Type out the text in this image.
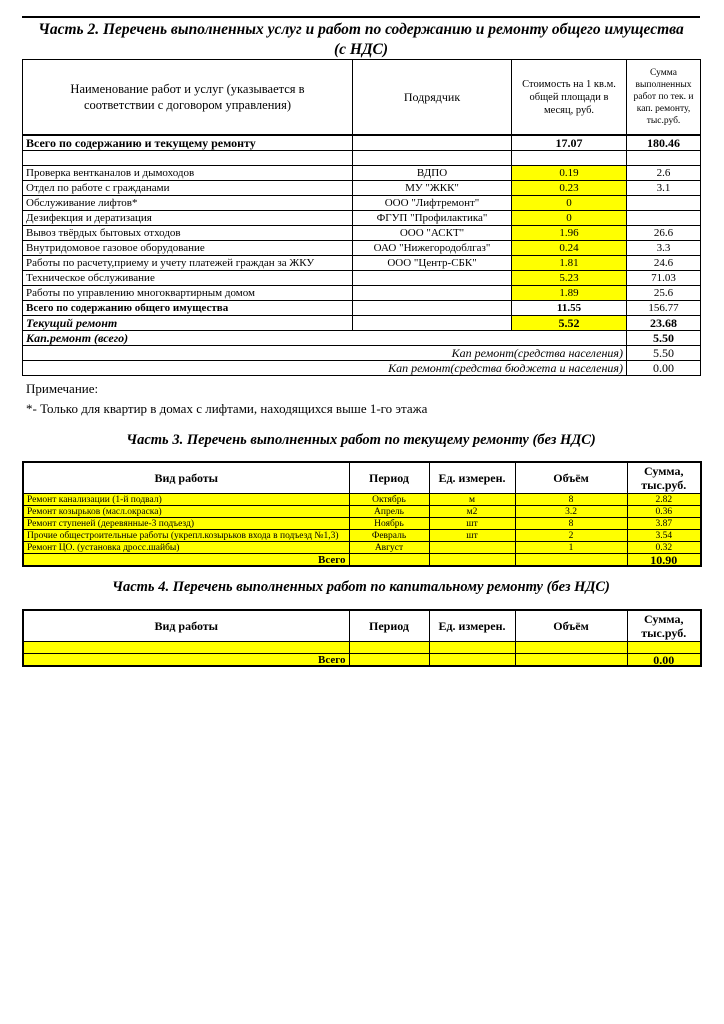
Часть 2. Перечень выполненных услуг и работ по содержанию и ремонту общего имущества
(с НДС)
Наименование работ и услуг (указывается в соответствии с договором управления)	Подрядчик	Стоимость на 1 кв.м. общей площади в месяц, руб.	Сумма выполненных работ по тек. и кап. ремонту, тыс.руб.
Всего по содержанию и текущему ремонту		17.07	180.46

Проверка вентканалов и дымоходов	ВДПО	0.19	2.6
Отдел по работе с гражданами	МУ "ЖКК"	0.23	3.1
Обслуживание лифтов*	ООО "Лифтремонт"	0	
Дезифекция и дератизация	ФГУП "Профилактика"	0	
Вывоз твёрдых бытовых отходов	ООО "АСКТ"	1.96	26.6
Внутридомовое газовое оборудование	ОАО "Нижегородоблгаз"	0.24	3.3
Работы по расчету,приему и учету платежей граждан за ЖКУ	ООО "Центр-СБК"	1.81	24.6
Техническое обслуживание		5.23	71.03
Работы по управлению многоквартирным домом		1.89	25.6
Всего по содержанию общего имущества		11.55	156.77
Текущий ремонт		5.52	23.68
Кап.ремонт (всего)			5.50
Кап ремонт(средства населения)			5.50
Кап ремонт(средства бюджета и населения)			0.00
Примечание:
*- Только для квартир в домах с лифтами, находящихся выше 1-го этажа
Часть 3. Перечень выполненных работ по текущему ремонту (без НДС)
Вид работы	Период	Ед. измерен.	Объём	Сумма, тыс.руб.
Ремонт канализации (1-й подвал)	Октябрь	м	8	2.82
Ремонт козырьков (масл.окраска)	Апрель	м2	3.2	0.36
Ремонт ступеней (деревянные-3 подъезд)	Ноябрь	шт	8	3.87
Прочие общестроительные работы (укрепл.козырьков входа в подъезд №1,3)	Февраль	шт	2	3.54
Ремонт ЦО. (установка дросс.шайбы)	Август		1	0.32
Всего				10.90
Часть 4. Перечень выполненных работ по капитальному ремонту (без НДС)
Вид работы	Период	Ед. измерен.	Объём	Сумма, тыс.руб.

Всего				0.00
